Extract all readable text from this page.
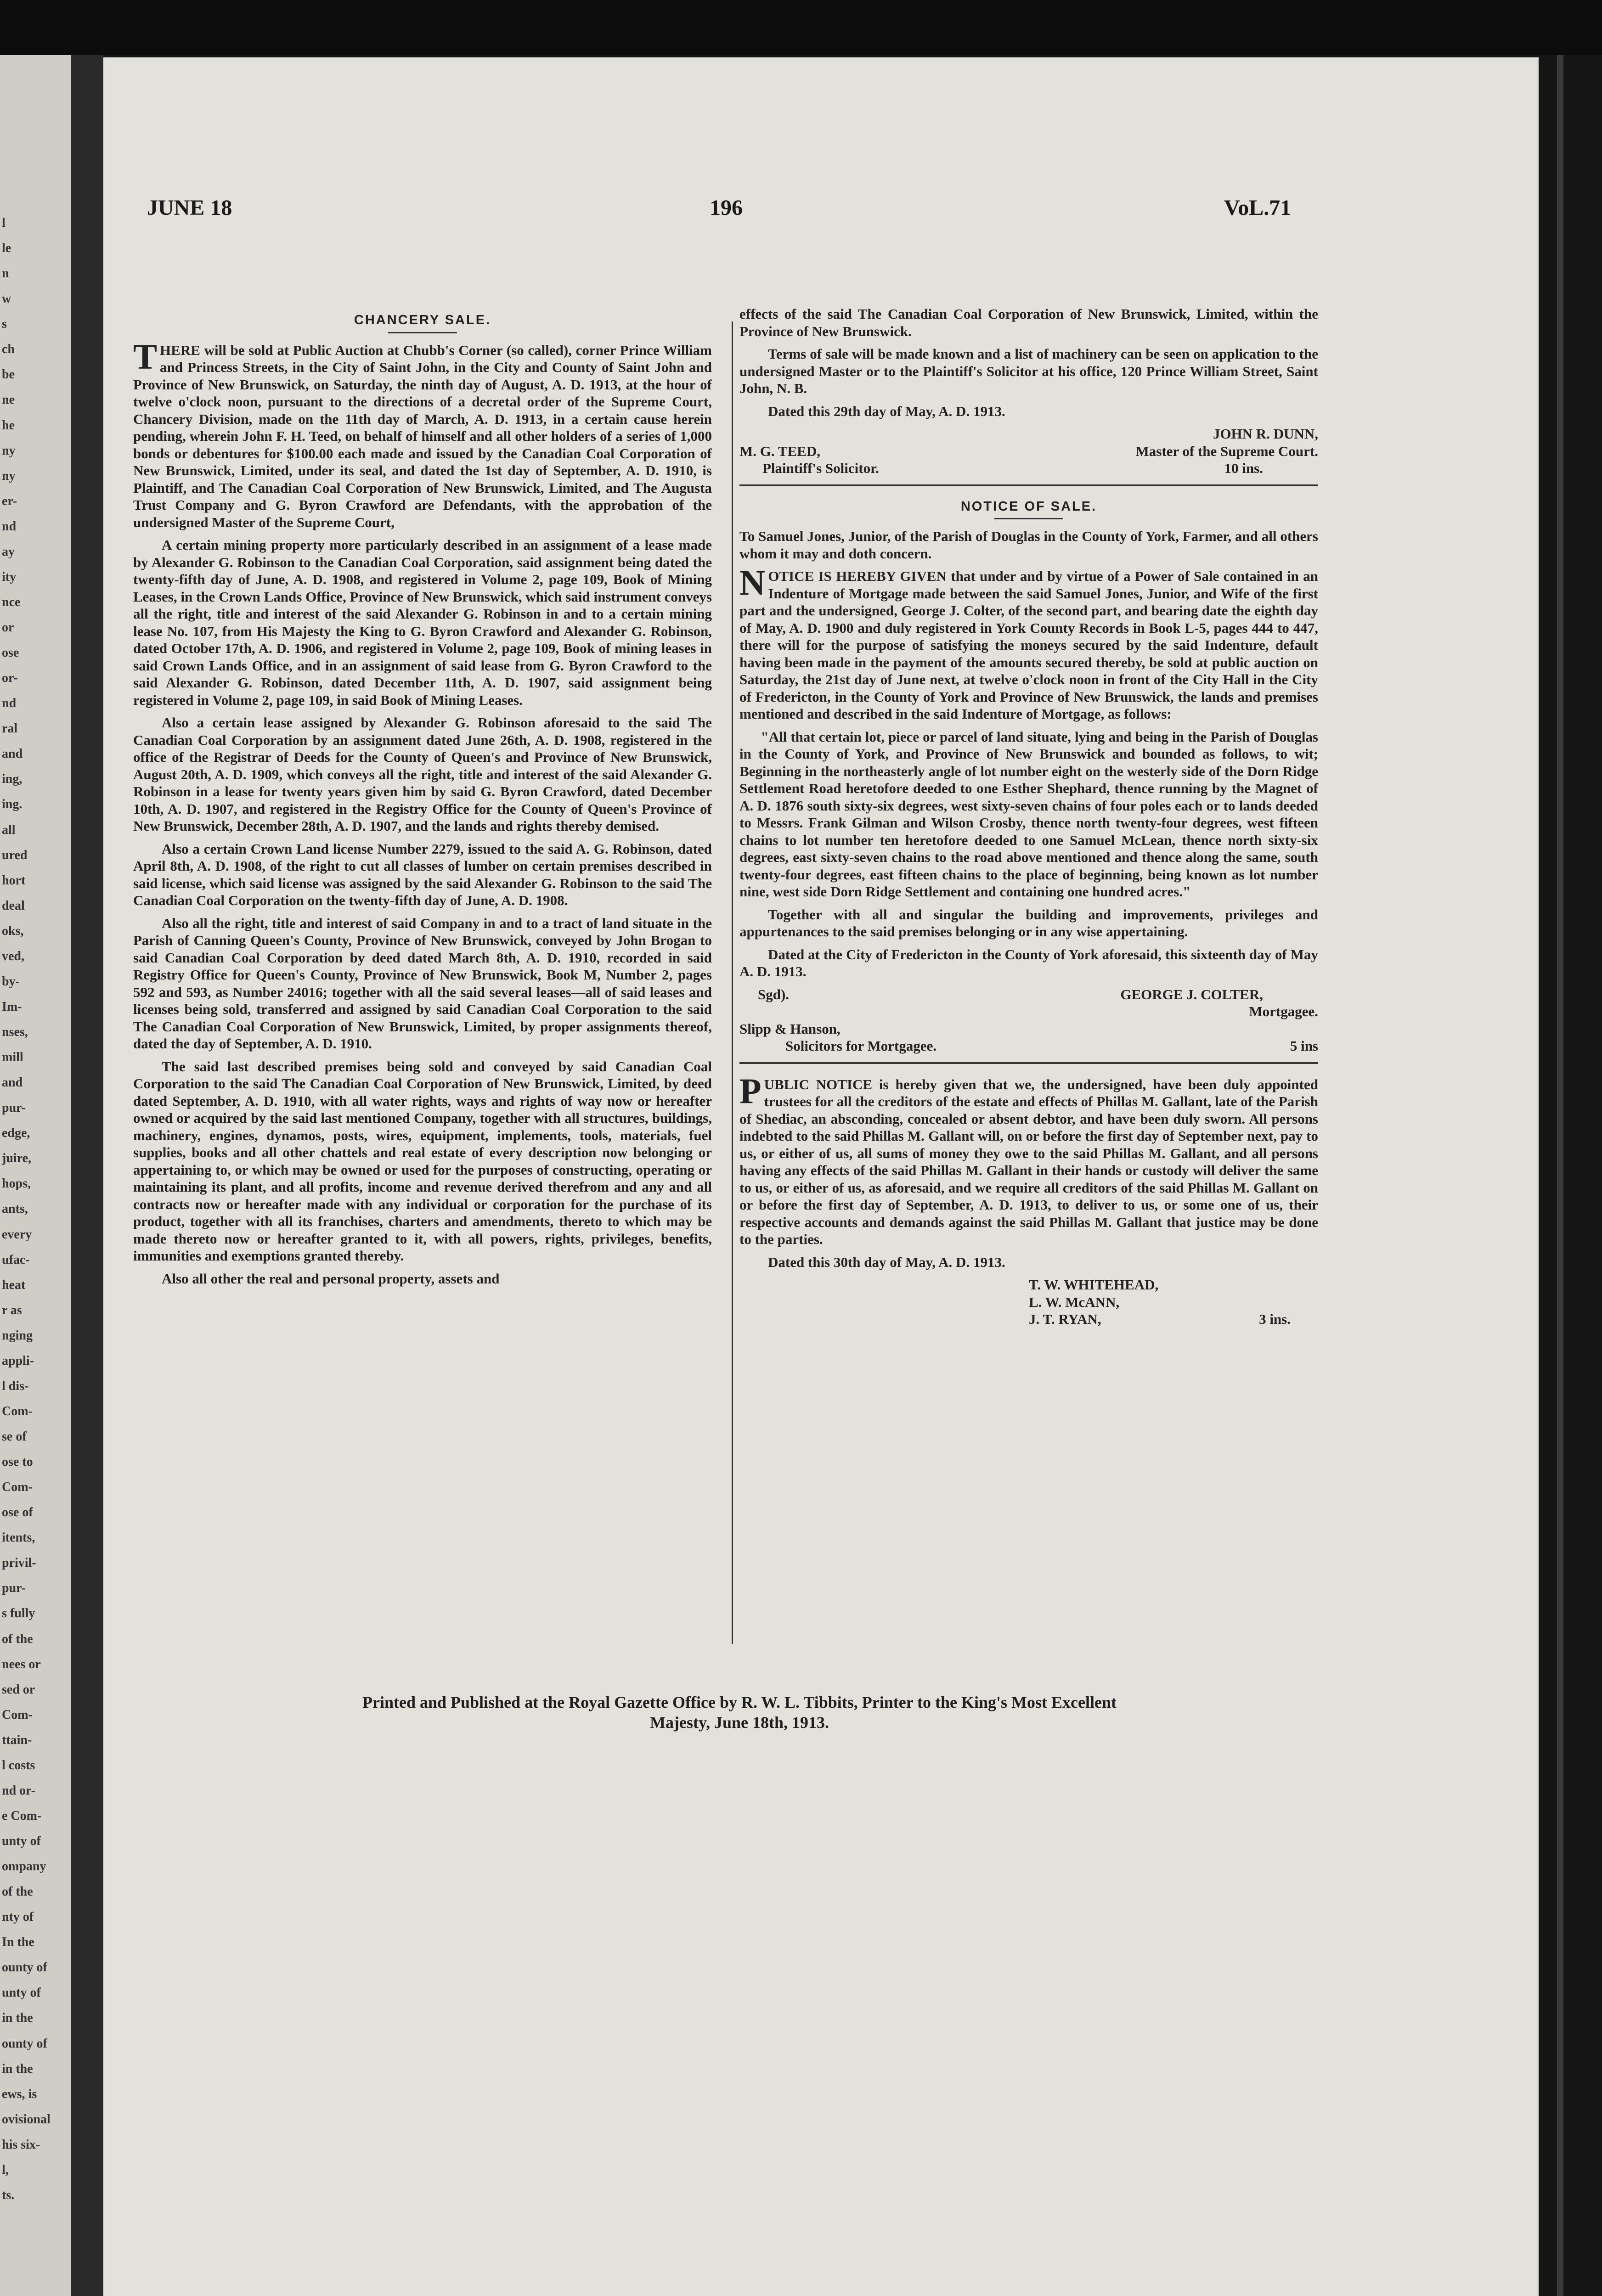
l
le
n
w
s
ch
be
ne
he
ny
ny
er-
nd
ay
ity
nce
or
ose
or-
nd
ral
and
ing,
ing.
all
ured
hort
deal
oks,
ved,
by-
Im-
nses,
mill
and
pur-
edge,
juire,
hops,
ants,
every
ufac-
heat
r as
nging
appli-
l dis-
Com-
se of
ose to
Com-
ose of
itents,
privil-
pur-
s fully
of the
nees or
sed or
Com-
ttain-
l costs
nd or-
e Com-
unty of
ompany
of the
nty of
In the
ounty of
unty of
in the
ounty of
in the
ews, is
ovisional
his six-
l,
ts.
JUNE 18	196	VoL.71
CHANCERY SALE.

THERE will be sold at Public Auction at Chubb's Corner (so called), corner Prince William and Princess Streets, in the City of Saint John, in the City and County of Saint John and Province of New Brunswick, on Saturday, the ninth day of August, A. D. 1913, at the hour of twelve o'clock noon, pursuant to the directions of a decretal order of the Supreme Court, Chancery Division, made on the 11th day of March, A. D. 1913, in a certain cause herein pending, wherein John F. H. Teed, on behalf of himself and all other holders of a series of 1,000 bonds or debentures for $100.00 each made and issued by the Canadian Coal Corporation of New Brunswick, Limited, under its seal, and dated the 1st day of September, A. D. 1910, is Plaintiff, and The Canadian Coal Corporation of New Brunswick, Limited, and The Augusta Trust Company and G. Byron Crawford are Defendants, with the approbation of the undersigned Master of the Supreme Court,

A certain mining property more particularly described in an assignment of a lease made by Alexander G. Robinson to the Canadian Coal Corporation, said assignment being dated the twenty-fifth day of June, A. D. 1908, and registered in Volume 2, page 109, Book of Mining Leases, in the Crown Lands Office, Province of New Brunswick, which said instrument conveys all the right, title and interest of the said Alexander G. Robinson in and to a certain mining lease No. 107, from His Majesty the King to G. Byron Crawford and Alexander G. Robinson, dated October 17th, A. D. 1906, and registered in Volume 2, page 109, Book of mining leases in said Crown Lands Office, and in an assignment of said lease from G. Byron Crawford to the said Alexander G. Robinson, dated December 11th, A. D. 1907, said assignment being registered in Volume 2, page 109, in said Book of Mining Leases.

Also a certain lease assigned by Alexander G. Robinson aforesaid to the said The Canadian Coal Corporation by an assignment dated June 26th, A. D. 1908, registered in the office of the Registrar of Deeds for the County of Queen's and Province of New Brunswick, August 20th, A. D. 1909, which conveys all the right, title and interest of the said Alexander G. Robinson in a lease for twenty years given him by said G. Byron Crawford, dated December 10th, A. D. 1907, and registered in the Registry Office for the County of Queen's Province of New Brunswick, December 28th, A. D. 1907, and the lands and rights thereby demised.

Also a certain Crown Land license Number 2279, issued to the said A. G. Robinson, dated April 8th, A. D. 1908, of the right to cut all classes of lumber on certain premises described in said license, which said license was assigned by the said Alexander G. Robinson to the said The Canadian Coal Corporation on the twenty-fifth day of June, A. D. 1908.

Also all the right, title and interest of said Company in and to a tract of land situate in the Parish of Canning Queen's County, Province of New Brunswick, conveyed by John Brogan to said Canadian Coal Corporation by deed dated March 8th, A. D. 1910, recorded in said Registry Office for Queen's County, Province of New Brunswick, Book M, Number 2, pages 592 and 593, as Number 24016; together with all the said several leases—all of said leases and licenses being sold, transferred and assigned by said Canadian Coal Corporation to the said The Canadian Coal Corporation of New Brunswick, Limited, by proper assignments thereof, dated the day of September, A. D. 1910.

The said last described premises being sold and conveyed by said Canadian Coal Corporation to the said The Canadian Coal Corporation of New Brunswick, Limited, by deed dated September, A. D. 1910, with all water rights, ways and rights of way now or hereafter owned or acquired by the said last mentioned Company, together with all structures, buildings, machinery, engines, dynamos, posts, wires, equipment, implements, tools, materials, fuel supplies, books and all other chattels and real estate of every description now belonging or appertaining to, or which may be owned or used for the purposes of constructing, operating or maintaining its plant, and all profits, income and revenue derived therefrom and any and all contracts now or hereafter made with any individual or corporation for the purchase of its product, together with all its franchises, charters and amendments, thereto to which may be made thereto now or hereafter granted to it, with all powers, rights, privileges, benefits, immunities and exemptions granted thereby.

Also all other the real and personal property, assets and

effects of the said The Canadian Coal Corporation of New Brunswick, Limited, within the Province of New Brunswick.

Terms of sale will be made known and a list of machinery can be seen on application to the undersigned Master or to the Plaintiff's Solicitor at his office, 120 Prince William Street, Saint John, N. B.

Dated this 29th day of May, A. D. 1913.

JOHN R. DUNN,
M. G. TEED,	Master of the Supreme Court.
Plaintiff's Solicitor.	10 ins.
NOTICE OF SALE.

To Samuel Jones, Junior, of the Parish of Douglas in the County of York, Farmer, and all others whom it may and doth concern.

NOTICE IS HEREBY GIVEN that under and by virtue of a Power of Sale contained in an Indenture of Mortgage made between the said Samuel Jones, Junior, and Wife of the first part and the undersigned, George J. Colter, of the second part, and bearing date the eighth day of May, A. D. 1900 and duly registered in York County Records in Book L-5, pages 444 to 447, there will for the purpose of satisfying the moneys secured by the said Indenture, default having been made in the payment of the amounts secured thereby, be sold at public auction on Saturday, the 21st day of June next, at twelve o'clock noon in front of the City Hall in the City of Fredericton, in the County of York and Province of New Brunswick, the lands and premises mentioned and described in the said Indenture of Mortgage, as follows:

"All that certain lot, piece or parcel of land situate, lying and being in the Parish of Douglas in the County of York, and Province of New Brunswick and bounded as follows, to wit; Beginning in the northeasterly angle of lot number eight on the westerly side of the Dorn Ridge Settlement Road heretofore deeded to one Esther Shephard, thence running by the Magnet of A. D. 1876 south sixty-six degrees, west sixty-seven chains of four poles each or to lands deeded to Messrs. Frank Gilman and Wilson Crosby, thence north twenty-four degrees, west fifteen chains to lot number ten heretofore deeded to one Samuel McLean, thence north sixty-six degrees, east sixty-seven chains to the road above mentioned and thence along the same, south twenty-four degrees, east fifteen chains to the place of beginning, being known as lot number nine, west side Dorn Ridge Settlement and containing one hundred acres."

Together with all and singular the building and improvements, privileges and appurtenances to the said premises belonging or in any wise appertaining.

Dated at the City of Fredericton in the County of York aforesaid, this sixteenth day of May A. D. 1913.

Sgd).	GEORGE J. COLTER,
Mortgagee.
Slipp & Hanson,
Solicitors for Mortgagee.	5 ins

PUBLIC NOTICE is hereby given that we, the undersigned, have been duly appointed trustees for all the creditors of the estate and effects of Phillas M. Gallant, late of the Parish of Shediac, an absconding, concealed or absent debtor, and have been duly sworn. All persons indebted to the said Phillas M. Gallant will, on or before the first day of September next, pay to us, or either of us, all sums of money they owe to the said Phillas M. Gallant, and all persons having any effects of the said Phillas M. Gallant in their hands or custody will deliver the same to us, or either of us, as aforesaid, and we require all creditors of the said Phillas M. Gallant on or before the first day of September, A. D. 1913, to deliver to us, or some one of us, their respective accounts and demands against the said Phillas M. Gallant that justice may be done to the parties.

Dated this 30th day of May, A. D. 1913.

T. W. WHITEHEAD,
L. W. McANN,
J. T. RYAN,	3 ins.
Printed and Published at the Royal Gazette Office by R. W. L. Tibbits, Printer to the King's Most Excellent
Majesty, June 18th, 1913.
